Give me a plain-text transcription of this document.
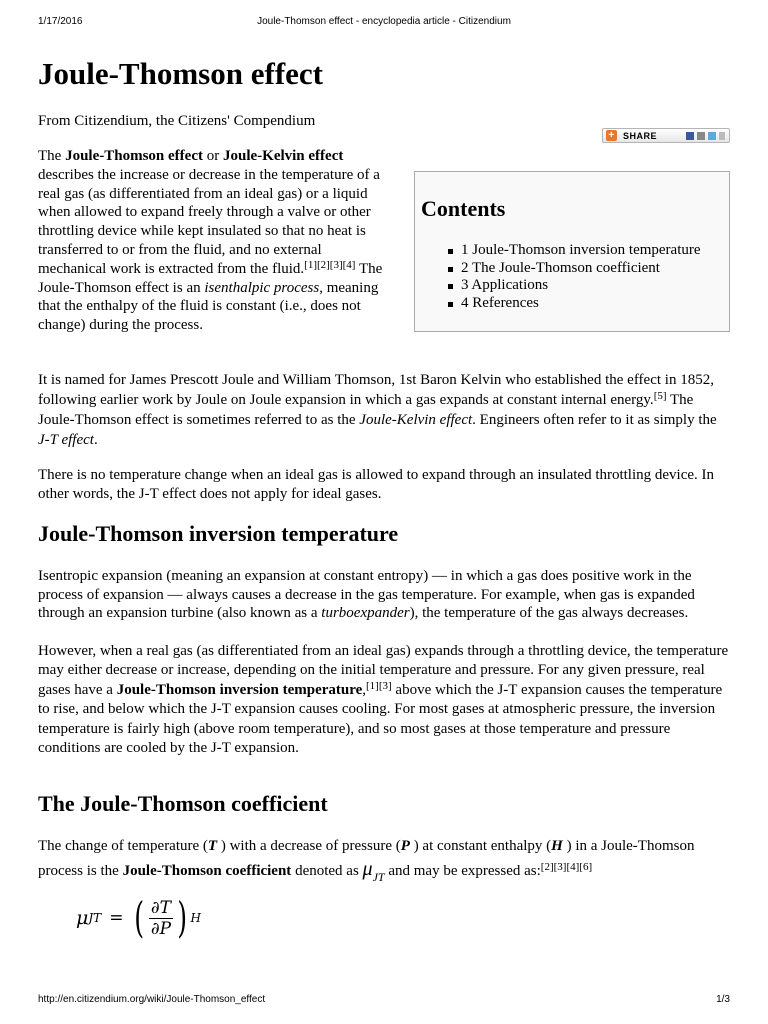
1/17/2016	Joule-Thomson effect - encyclopedia article - Citizendium
Joule-Thomson effect

From Citizendium, the Citizens' Compendium

+ SHARE
The Joule-Thomson effect or Joule-Kelvin effect describes the increase or decrease in the temperature of a real gas (as differentiated from an ideal gas) or a liquid when allowed to expand freely through a valve or other throttling device while kept insulated so that no heat is transferred to or from the fluid, and no external mechanical work is extracted from the fluid.[1][2][3][4] The Joule-Thomson effect is an isenthalpic process, meaning that the enthalpy of the fluid is constant (i.e., does not change) during the process.
Contents
1 Joule-Thomson inversion temperature
2 The Joule-Thomson coefficient
3 Applications
4 References

It is named for James Prescott Joule and William Thomson, 1st Baron Kelvin who established the effect in 1852, following earlier work by Joule on Joule expansion in which a gas expands at constant internal energy.[5] The Joule-Thomson effect is sometimes referred to as the Joule-Kelvin effect. Engineers often refer to it as simply the J-T effect.

There is no temperature change when an ideal gas is allowed to expand through an insulated throttling device. In other words, the J-T effect does not apply for ideal gases.

Joule-Thomson inversion temperature

Isentropic expansion (meaning an expansion at constant entropy) — in which a gas does positive work in the process of expansion — always causes a decrease in the gas temperature. For example, when gas is expanded through an expansion turbine (also known as a turboexpander), the temperature of the gas always decreases.

However, when a real gas (as differentiated from an ideal gas) expands through a throttling device, the temperature may either decrease or increase, depending on the initial temperature and pressure. For any given pressure, real gases have a Joule-Thomson inversion temperature,[1][3] above which the J-T expansion causes the temperature to rise, and below which the J-T expansion causes cooling. For most gases at atmospheric pressure, the inversion temperature is fairly high (above room temperature), and so most gases at those temperature and pressure conditions are cooled by the J-T expansion.

The Joule-Thomson coefficient

The change of temperature (T ) with a decrease of pressure (P ) at constant enthalpy (H ) in a Joule-Thomson process is the Joule-Thomson coefficient denoted as $\mu_{JT}$ and may be expressed as:[2][3][4][6]

μ JT = ( $\frac{\partial T}{\partial P}$ ) H
http://en.citizendium.org/wiki/Joule-Thomson_effect	1/3
